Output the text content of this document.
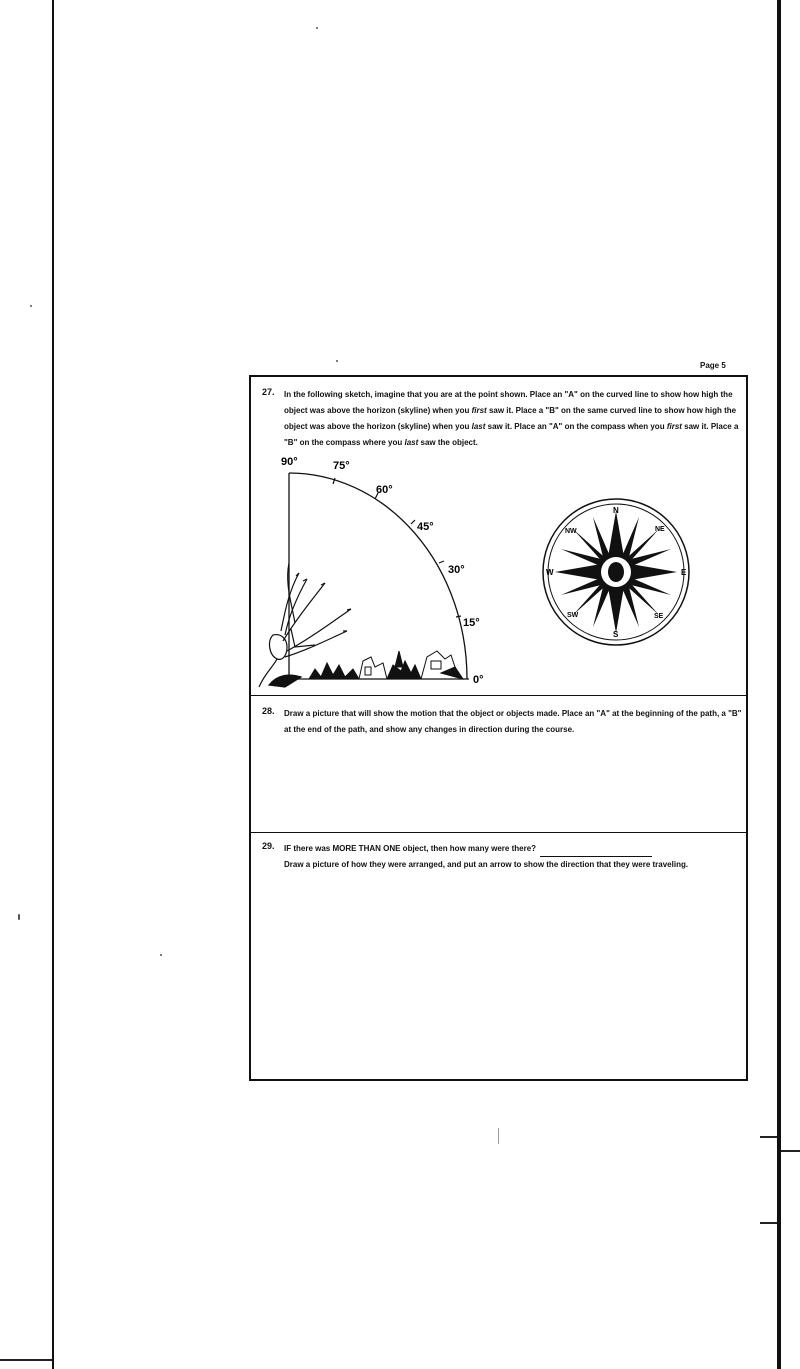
Page 5
27. In the following sketch, imagine that you are at the point shown. Place an "A" on the curved line to show how high the object was above the horizon (skyline) when you first saw it. Place a "B" on the same curved line to show how high the object was above the horizon (skyline) when you last saw it. Place an "A" on the compass when you first saw it. Place a "B" on the compass where you last saw the object.
90°	75°
60°
45°
30°
15°
0°
N
NE
E
SE
S
SW
W
NW
28. Draw a picture that will show the motion that the object or objects made. Place an "A" at the beginning of the path, a "B" at the end of the path, and show any changes in direction during the course.
29. IF there was MORE THAN ONE object, then how many were there?
Draw a picture of how they were arranged, and put an arrow to show the direction that they were traveling.
